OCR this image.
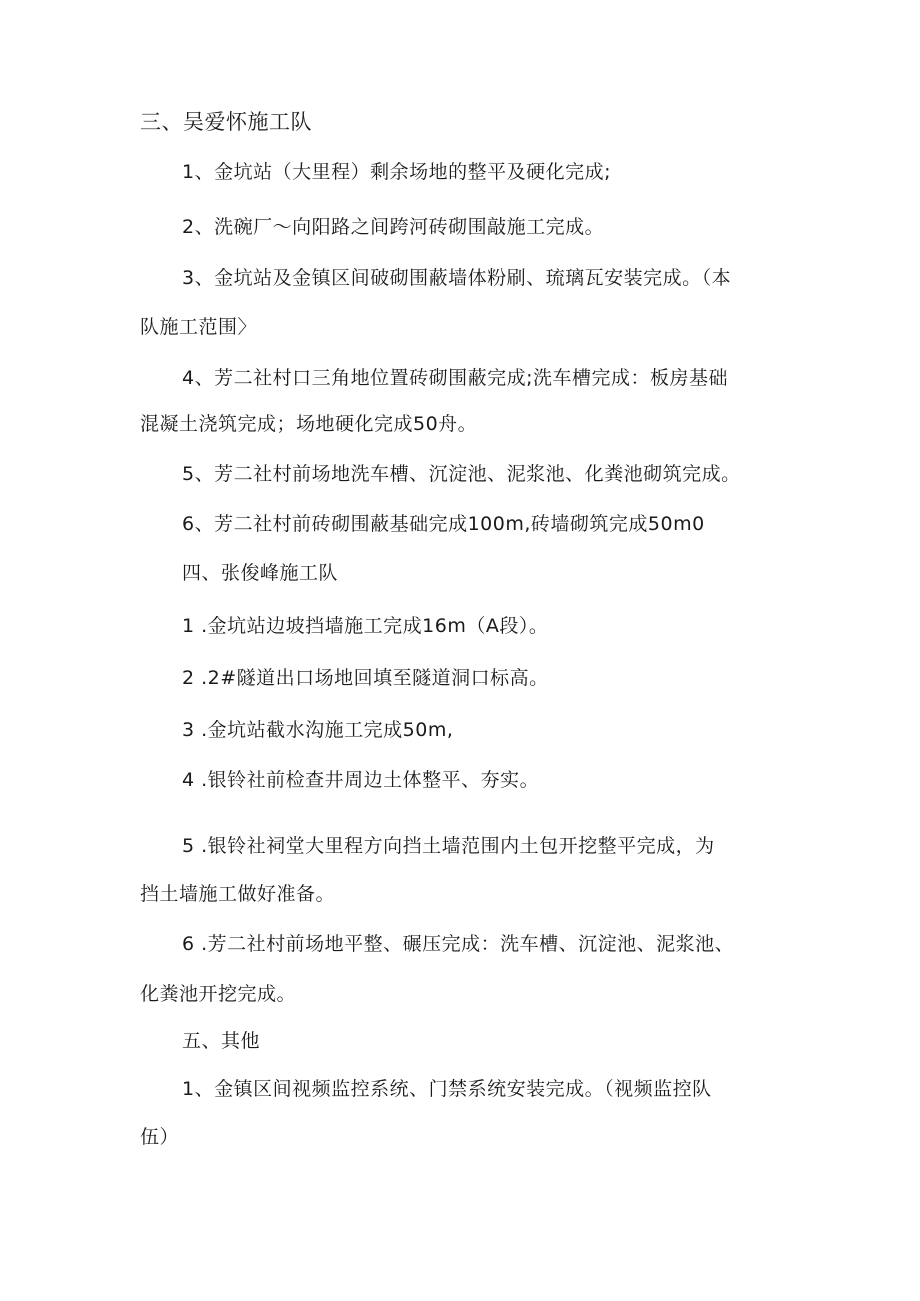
三、吴爱怀施工队
1、金坑站（大里程）剩余场地的整平及硬化完成;
2、洗碗厂～向阳路之间跨河砖砌围敲施工完成。
3、金坑站及金镇区间破砌围蔽墙体粉刷、琉璃瓦安装完成。（本
队施工范围〉
4、芳二社村口三角地位置砖砌围蔽完成;洗车槽完成：板房基础
混凝土浇筑完成；场地硬化完成50舟。
5、芳二社村前场地洗车槽、沉淀池、泥浆池、化粪池砌筑完成。
6、芳二社村前砖砌围蔽基础完成100m,砖墙砌筑完成50m0
四、张俊峰施工队
1 .金坑站边坡挡墙施工完成16m（A段）。
2 .2#隧道出口场地回填至隧道洞口标高。
3 .金坑站截水沟施工完成50m,
4 .银铃社前检查井周边土体整平、夯实。
5 .银铃社祠堂大里程方向挡土墙范围内土包开挖整平完成，为
挡土墙施工做好准备。
6 .芳二社村前场地平整、碾压完成：洗车槽、沉淀池、泥浆池、
化粪池开挖完成。
五、其他
1、金镇区间视频监控系统、门禁系统安装完成。（视频监控队
伍）
